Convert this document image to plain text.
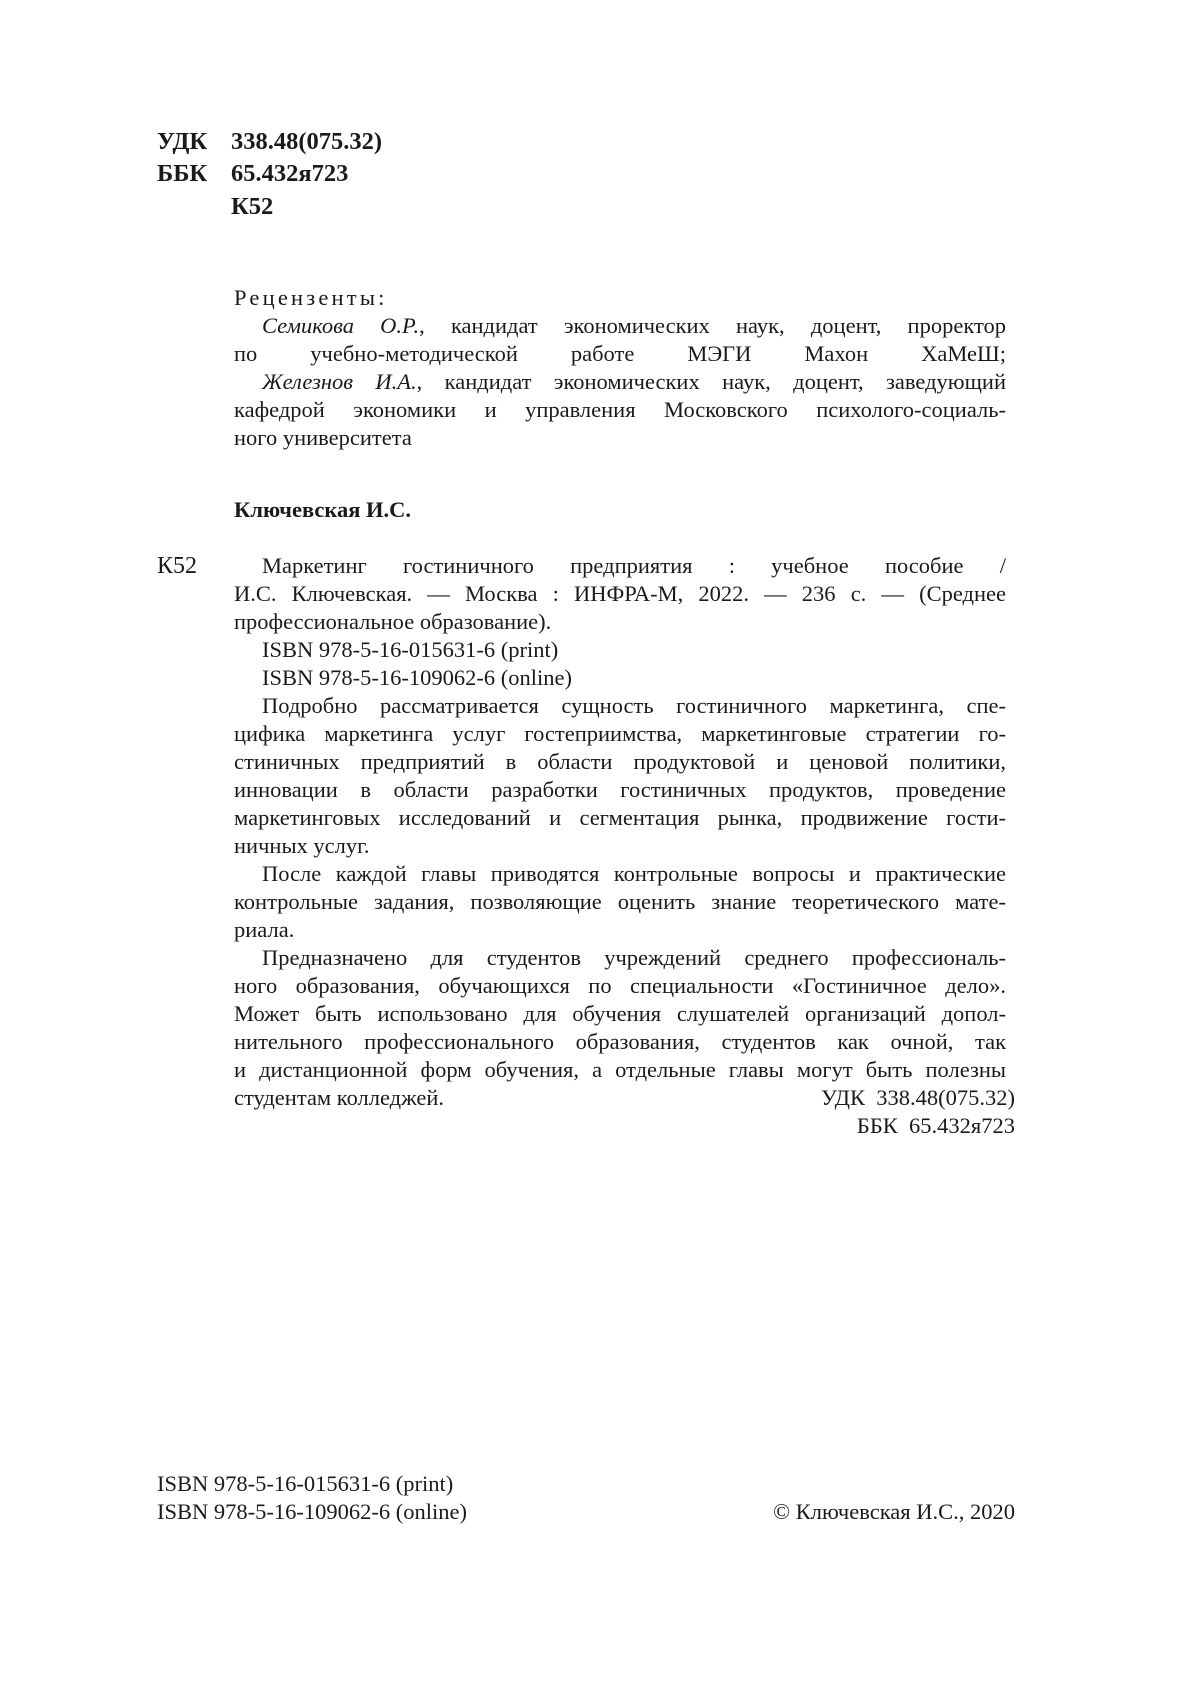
УДК 338.48(075.32)
ББК 65.432я723
К52
Рецензенты:
Семикова О.Р., кандидат экономических наук, доцент, проректор
по учебно-методической работе МЭГИ Махон ХаМеШ;
Железнов И.А., кандидат экономических наук, доцент, заведующий
кафедрой экономики и управления Московского психолого-социаль-
ного университета
Ключевская И.С.
К52	Маркетинг гостиничного предприятия : учебное пособие /
И.С. Ключевская. — Москва : ИНФРА-М, 2022. — 236 с. — (Среднее
профессиональное образование).
ISBN 978-5-16-015631-6 (print)
ISBN 978-5-16-109062-6 (online)
Подробно рассматривается сущность гостиничного маркетинга, спе-
цифика маркетинга услуг гостеприимства, маркетинговые стратегии го-
стиничных предприятий в области продуктовой и ценовой политики,
инновации в области разработки гостиничных продуктов, проведение
маркетинговых исследований и сегментация рынка, продвижение гости-
ничных услуг.
После каждой главы приводятся контрольные вопросы и практические
контрольные задания, позволяющие оценить знание теоретического мате-
риала.
Предназначено для студентов учреждений среднего профессиональ-
ного образования, обучающихся по специальности «Гостиничное дело».
Может быть использовано для обучения слушателей организаций допол-
нительного профессионального образования, студентов как очной, так
и дистанционной форм обучения, а отдельные главы могут быть полезны
студентам колледжей.	УДК  338.48(075.32)
ББК  65.432я723
ISBN 978-5-16-015631-6 (print)
ISBN 978-5-16-109062-6 (online)	© Ключевская И.С., 2020
